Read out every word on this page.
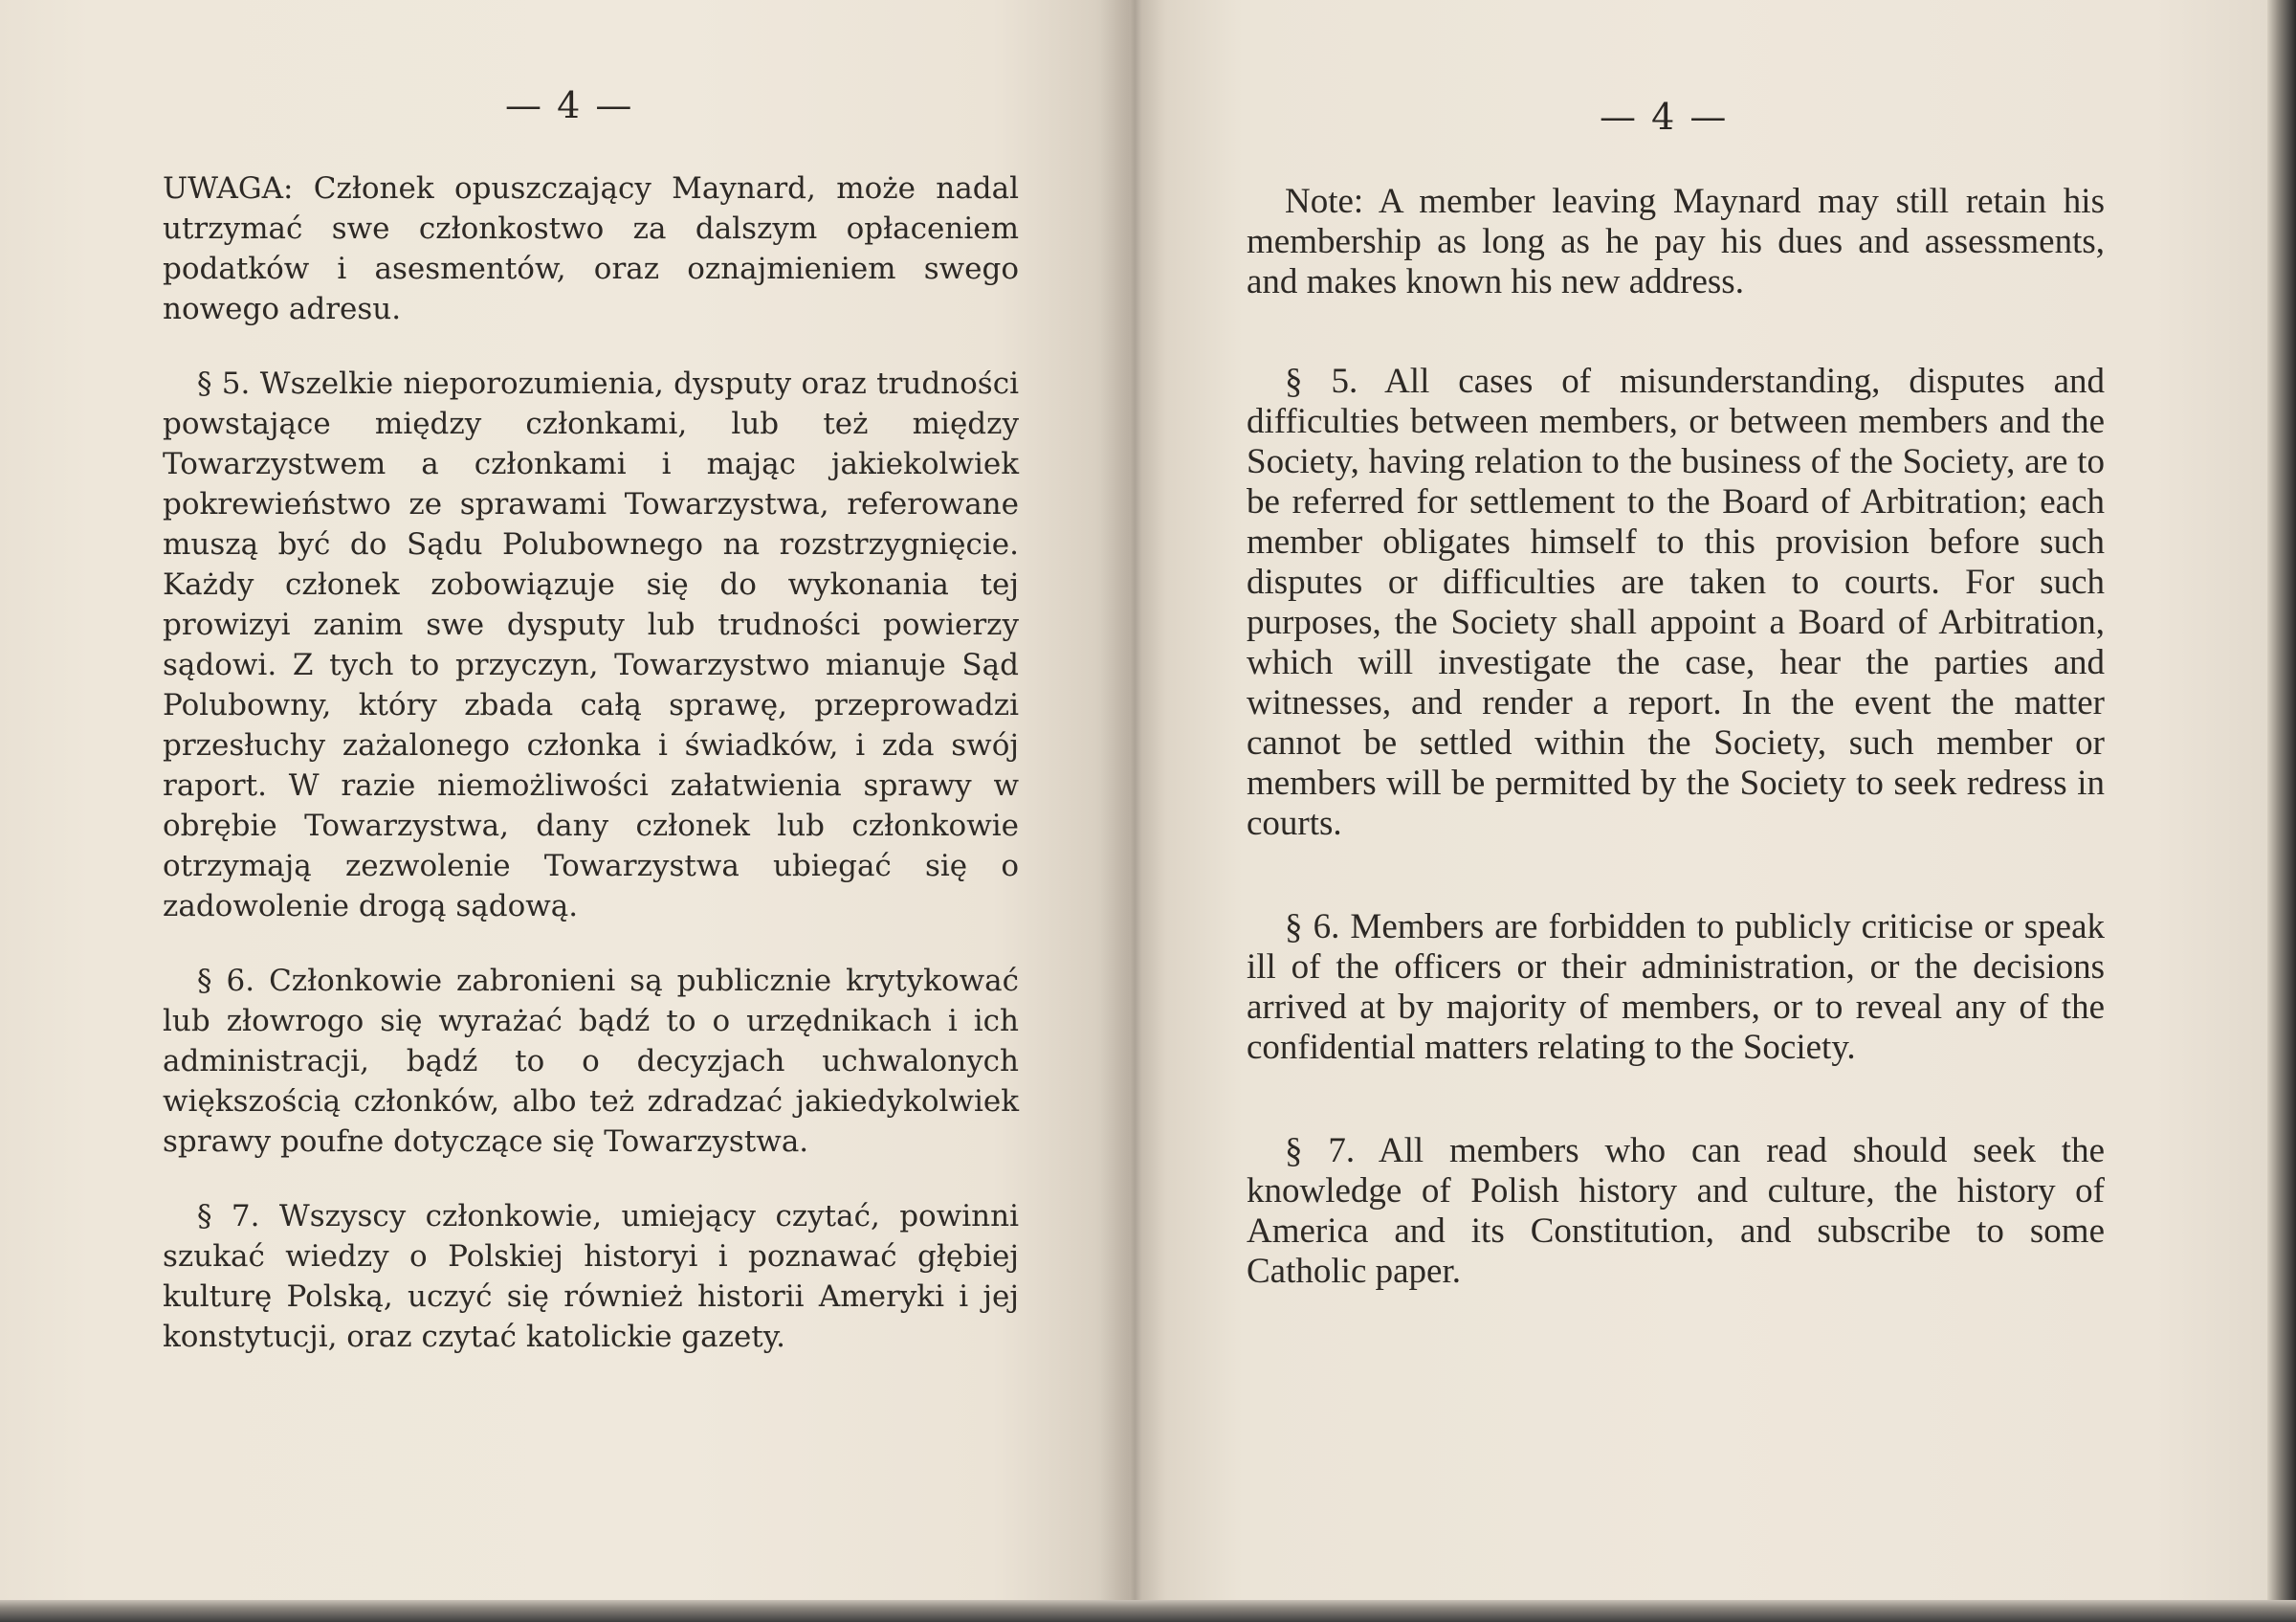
— 4 —

UWAGA: Członek opuszczający Maynard, może nadal utrzymać swe członkostwo za dalszym opłaceniem podatków i asesmentów, oraz oznajmieniem swego nowego adresu.

§ 5. Wszelkie nieporozumienia, dysputy oraz trudności powstające między członkami, lub też między Towarzystwem a członkami i mając jakiekolwiek pokrewieństwo ze sprawami Towarzystwa, referowane muszą być do Sądu Polubownego na rozstrzygnięcie. Każdy członek zobowiązuje się do wykonania tej prowizyi zanim swe dysputy lub trudności powierzy sądowi. Z tych to przyczyn, Towarzystwo mianuje Sąd Polubowny, który zbada całą sprawę, przeprowadzi przesłuchy zażalonego członka i świadków, i zda swój raport. W razie niemożliwości załatwienia sprawy w obrębie Towarzystwa, dany członek lub członkowie otrzymają zezwolenie Towarzystwa ubiegać się o zadowolenie drogą sądową.

§ 6. Członkowie zabronieni są publicznie krytykować lub złowrogo się wyrażać bądź to o urzędnikach i ich administracji, bądź to o decyzjach uchwalonych większością członków, albo też zdradzać jakiedykolwiek sprawy poufne dotyczące się Towarzystwa.

§ 7. Wszyscy członkowie, umiejący czytać, powinni szukać wiedzy o Polskiej historyi i poznawać głębiej kulturę Polską, uczyć się również historii Ameryki i jej konstytucji, oraz czytać katolickie gazety.

— 4 —

Note: A member leaving Maynard may still retain his membership as long as he pay his dues and assessments, and makes known his new address.

§ 5. All cases of misunderstanding, disputes and difficulties between members, or between members and the Society, having relation to the business of the Society, are to be referred for settlement to the Board of Arbitration; each member obligates himself to this provision before such disputes or difficulties are taken to courts. For such purposes, the Society shall appoint a Board of Arbitration, which will investigate the case, hear the parties and witnesses, and render a report. In the event the matter cannot be settled within the Society, such member or members will be permitted by the Society to seek redress in courts.

§ 6. Members are forbidden to publicly criticise or speak ill of the officers or their administration, or the decisions arrived at by majority of members, or to reveal any of the confidential matters relating to the Society.

§ 7. All members who can read should seek the knowledge of Polish history and culture, the history of America and its Constitution, and subscribe to some Catholic paper.
